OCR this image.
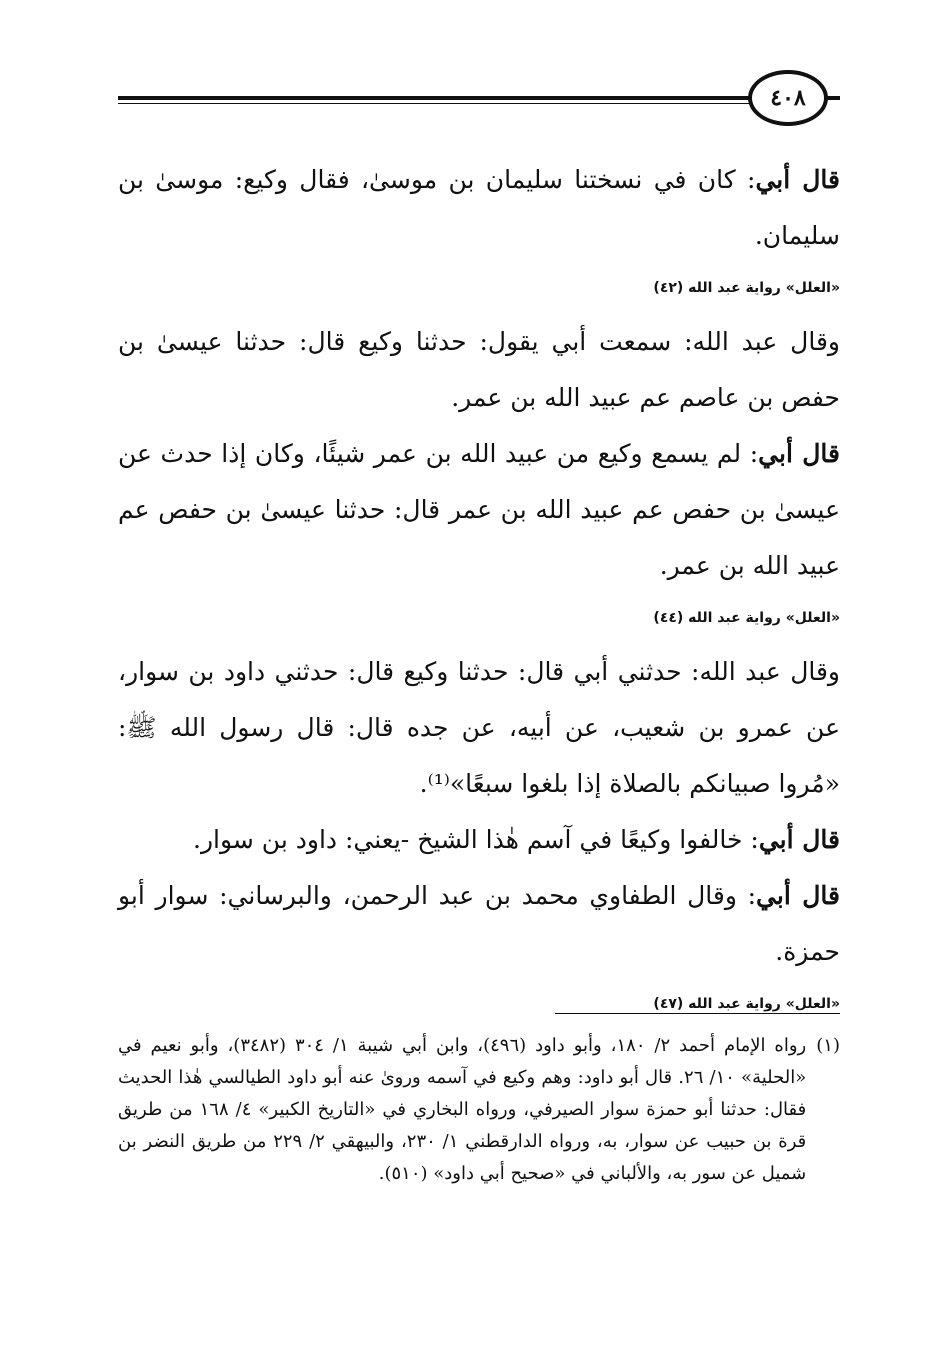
٤٠٨

قال أبي: كان في نسختنا سليمان بن موسىٰ، فقال وكيع: موسىٰ بن سليمان.

«العلل» رواية عبد الله (٤٢)

وقال عبد الله: سمعت أبي يقول: حدثنا وكيع قال: حدثنا عيسىٰ بن حفص بن عاصم عم عبيد الله بن عمر.

قال أبي: لم يسمع وكيع من عبيد الله بن عمر شيئًا، وكان إذا حدث عن عيسىٰ بن حفص عم عبيد الله بن عمر قال: حدثنا عيسىٰ بن حفص عم عبيد الله بن عمر.

«العلل» رواية عبد الله (٤٤)

وقال عبد الله: حدثني أبي قال: حدثنا وكيع قال: حدثني داود بن سوار، عن عمرو بن شعيب، عن أبيه، عن جده قال: قال رسول الله ﷺ: «مُروا صبيانكم بالصلاة إذا بلغوا سبعًا»⁽¹⁾.

قال أبي: خالفوا وكيعًا في آسم هٰذا الشيخ -يعني: داود بن سوار.

قال أبي: وقال الطفاوي محمد بن عبد الرحمن، والبرساني: سوار أبو حمزة.

«العلل» رواية عبد الله (٤٧)
(١)
رواه الإمام أحمد ٢/ ١٨٠، وأبو داود (٤٩٦)، وابن أبي شيبة ١/ ٣٠٤ (٣٤٨٢)، وأبو نعيم في «الحلية» ١٠/ ٢٦. قال أبو داود: وهم وكيع في آسمه ورویٰ عنه أبو داود الطيالسي هٰذا الحديث فقال: حدثنا أبو حمزة سوار الصيرفي، ورواه البخاري في «التاريخ الكبير» ٤/ ١٦٨ من طريق قرة بن حبيب عن سوار، به، ورواه الدارقطني ١/ ٢٣٠، والبيهقي ٢/ ٢٢٩ من طريق النضر بن شميل عن سور به، والألباني في «صحيح أبي داود» (٥١٠).
